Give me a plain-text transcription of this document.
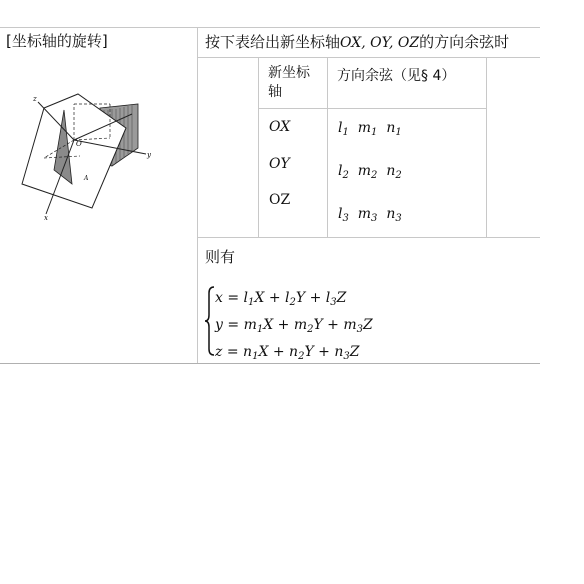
[坐标轴的旋转]	按下表给出新坐标轴OX, OY, OZ的方向余弦时
新坐标轴
方向余弦（见§ 4）
OX
OY
OZ
$l_1$ $m_1$ $n_1$
$l_2$ $m_2$ $n_2$
$l_3$ $m_3$ $n_3$
则有
$x = l_1X + l_2Y + l_3Z$
$y = m_1X + m_2Y + m_3Z$
$z = n_1X + n_2Y + n_3Z$
z
y
x
O
A
